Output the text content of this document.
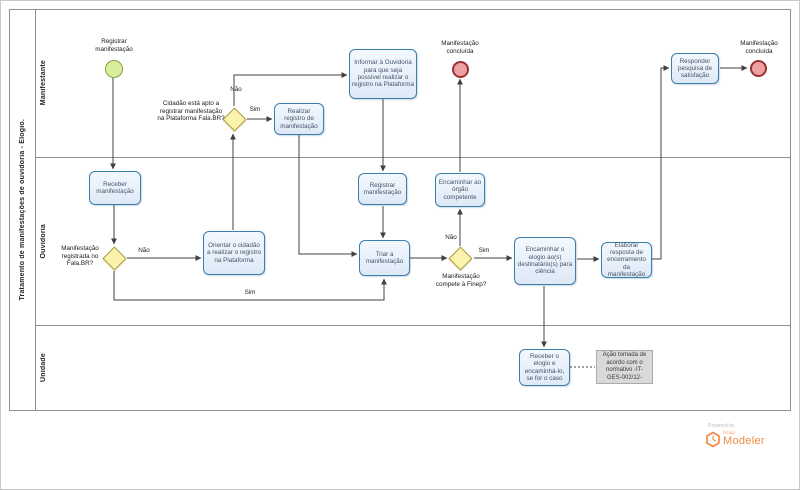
Tratamento de manifestações de ouvidoria - Elogio.
Manifestante
Ouvidoria
Unidade
Registrar manifestação
Manifestação concluída
Manifestação concluída
Cidadão está apto a registrar manifestação na Plataforma Fala.BR?
Não
Sim
Manifestação registrada no Fala.BR?
Não
Sim
Manifestação compete à Finep?
Não
Sim
Realizar registro de manifestação
Informar à Ouvidoria para que seja possível realizar o registro na Plataforma
Responder pesquisa de satisfação
Receber manifestação
Orientar o cidadão a realizar o registro na Plataforma
Registrar manifestação
Encaminhar ao órgão competente
Triar a manifestação
Encaminhar o elogio ao(s) destinatário(s) para ciência
Elaborar resposta de encerramento da manifestação
Receber o elogio e encaminhá-lo, se for o caso
Ação tomada de acordo com o normativo -IT-GES-002/12-
Powered by
bizagi
Modeler
